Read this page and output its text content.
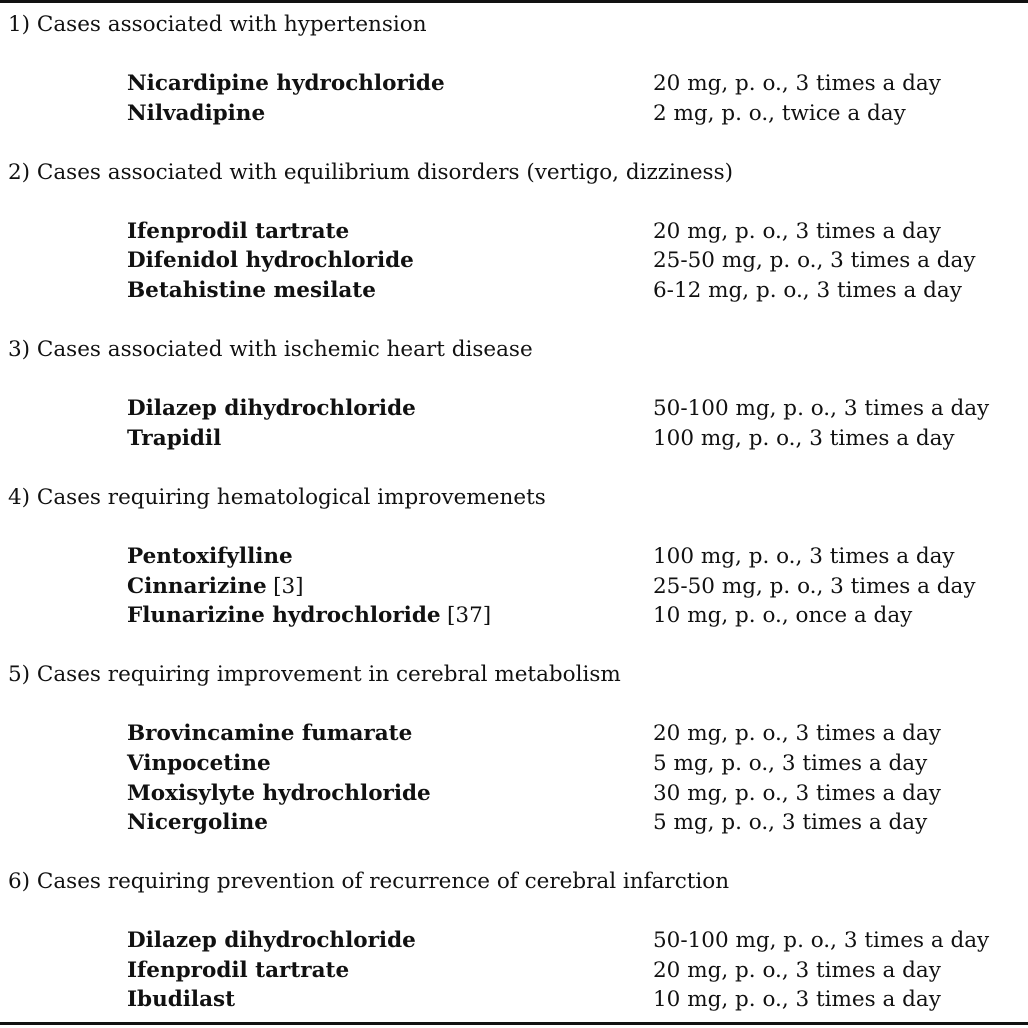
1) Cases associated with hypertension
Nicardipine hydrochloride	20 mg, p. o., 3 times a day
Nilvadipine	2 mg, p. o., twice a day
2) Cases associated with equilibrium disorders (vertigo, dizziness)
Ifenprodil tartrate	20 mg, p. o., 3 times a day
Difenidol hydrochloride	25-50 mg, p. o., 3 times a day
Betahistine mesilate	6-12 mg, p. o., 3 times a day
3) Cases associated with ischemic heart disease
Dilazep dihydrochloride	50-100 mg, p. o., 3 times a day
Trapidil	100 mg, p. o., 3 times a day
4) Cases requiring hematological improvemenets
Pentoxifylline	100 mg, p. o., 3 times a day
Cinnarizine [3]	25-50 mg, p. o., 3 times a day
Flunarizine hydrochloride [37]	10 mg, p. o., once a day
5) Cases requiring improvement in cerebral metabolism
Brovincamine fumarate	20 mg, p. o., 3 times a day
Vinpocetine	5 mg, p. o., 3 times a day
Moxisylyte hydrochloride	30 mg, p. o., 3 times a day
Nicergoline	5 mg, p. o., 3 times a day
6) Cases requiring prevention of recurrence of cerebral infarction
Dilazep dihydrochloride	50-100 mg, p. o., 3 times a day
Ifenprodil tartrate	20 mg, p. o., 3 times a day
Ibudilast	10 mg, p. o., 3 times a day
